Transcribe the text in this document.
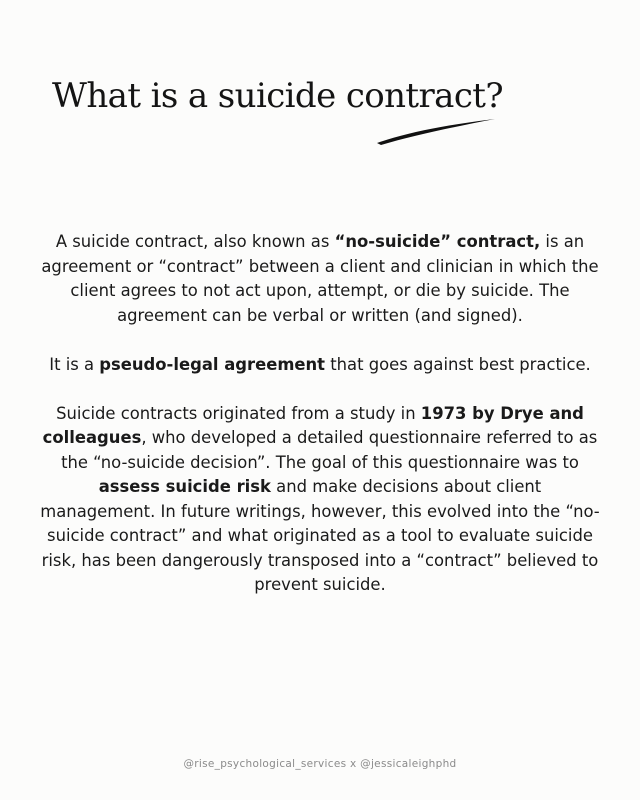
What is a suicide contract?

A suicide contract, also known as “no-suicide” contract, is an agreement or “contract” between a client and clinician in which the client agrees to not act upon, attempt, or die by suicide. The agreement can be verbal or written (and signed).

It is a pseudo-legal agreement that goes against best practice.

Suicide contracts originated from a study in 1973 by Drye and colleagues, who developed a detailed questionnaire referred to as the “no-suicide decision”. The goal of this questionnaire was to assess suicide risk and make decisions about client management. In future writings, however, this evolved into the “no-suicide contract” and what originated as a tool to evaluate suicide risk, has been dangerously transposed into a “contract” believed to prevent suicide.

@rise_psychological_services x @jessicaleighphd
